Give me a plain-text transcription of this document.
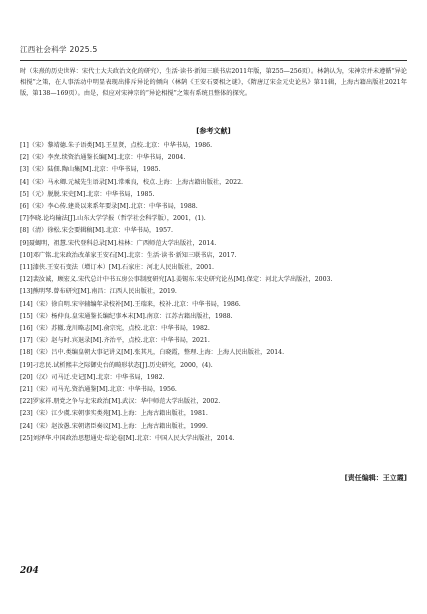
江西社会科学 2025.5

时（朱熹的历史世界：宋代士大夫政治文化的研究），生活·读书·新知三联书店2011年版，第255—256页）。林鹄认为，宋神宗并未遵循“异论相搅”之策，在人事活动中明显表现出排斥异论的倾向（林鹄《王安石要相之谜》，《隋唐辽宋金元史论丛》第11辑，上海古籍出版社2021年版，第138—169页）。由是，似应对宋神宗的“异论相搅”之策有系统且整体的探究。

[参考文献]
[1]（宋）黎靖德.朱子语类[M].王星贤，点校.北京：中华书局，1986.
[2]（宋）李焘.续资治通鉴长编[M].北京：中华书局，2004.
[3]（宋）陆佃.陶山集[M].北京：中华书局，1985.
[4]（宋）马永卿.元城先生语录[M].常乘良，校点.上海：上海古籍出版社，2022.
[5]（元）脱脱.宋史[M].北京：中华书局，1985.
[6]（宋）李心传.建炎以来系年要录[M].北京：中华书局，1988.
[7]李晓.论均输法[J].山东大学学报（哲学社会科学版），2001，(1).
[8]（清）徐松.宋会要辑稿[M].北京：中华书局，1957.
[9]聂蝎明，祖慧.宋代登科总录[M].桂林：广西师范大学出版社，2014.
[10]邓广铭.北宋政治改革家王安石[M].北京：生活·读书·新知三联书店，2017.
[11]漆侠.王安石变法（增订本）[M].石家庄：河北人民出版社，2001.
[12]裴汝诚，顾宏义.宋代总计中书五房公事制度研究[A].姜锡东.宋史研究论丛[M].保定：河北大学出版社，2003.
[13]熊明琴.曾布研究[M].南昌：江西人民出版社，2019.
[14]（宋）徐自明.宋宰辅编年录校补[M].王瑞来，校补.北京：中华书局，1986.
[15]（宋）杨仲良.皇宋通鉴长编纪事本末[M].南京：江苏古籍出版社，1988.
[16]（宋）苏辙.龙川略志[M].俞宗宪，点校.北京：中华书局，1982.
[17]（宋）赵与时.宾退录[M].齐治平，点校.北京：中华书局，2021.
[18]（宋）吕中.类编皇朝大事记讲义[M].张其凡，白晓霞，整理.上海：上海人民出版社，2014.
[19]刁忠民.试析熙丰之际御史台的畸形状态[J].历史研究，2000，(4).
[20]（汉）司马迁.史记[M].北京：中华书局，1982.
[21]（宋）司马光.资治通鉴[M].北京：中华书局，1956.
[22]罗家祥.朋党之争与北宋政治[M].武汉：华中师范大学出版社，2002.
[23]（宋）江少虞.宋朝事实类苑[M].上海：上海古籍出版社，1981.
[24]（宋）赵汝愚.宋朝诸臣奏议[M].上海：上海古籍出版社，1999.
[25]刘泽华.中国政治思想通史·综论卷[M].北京：中国人民大学出版社，2014.
[责任编辑：王立霞]
204
